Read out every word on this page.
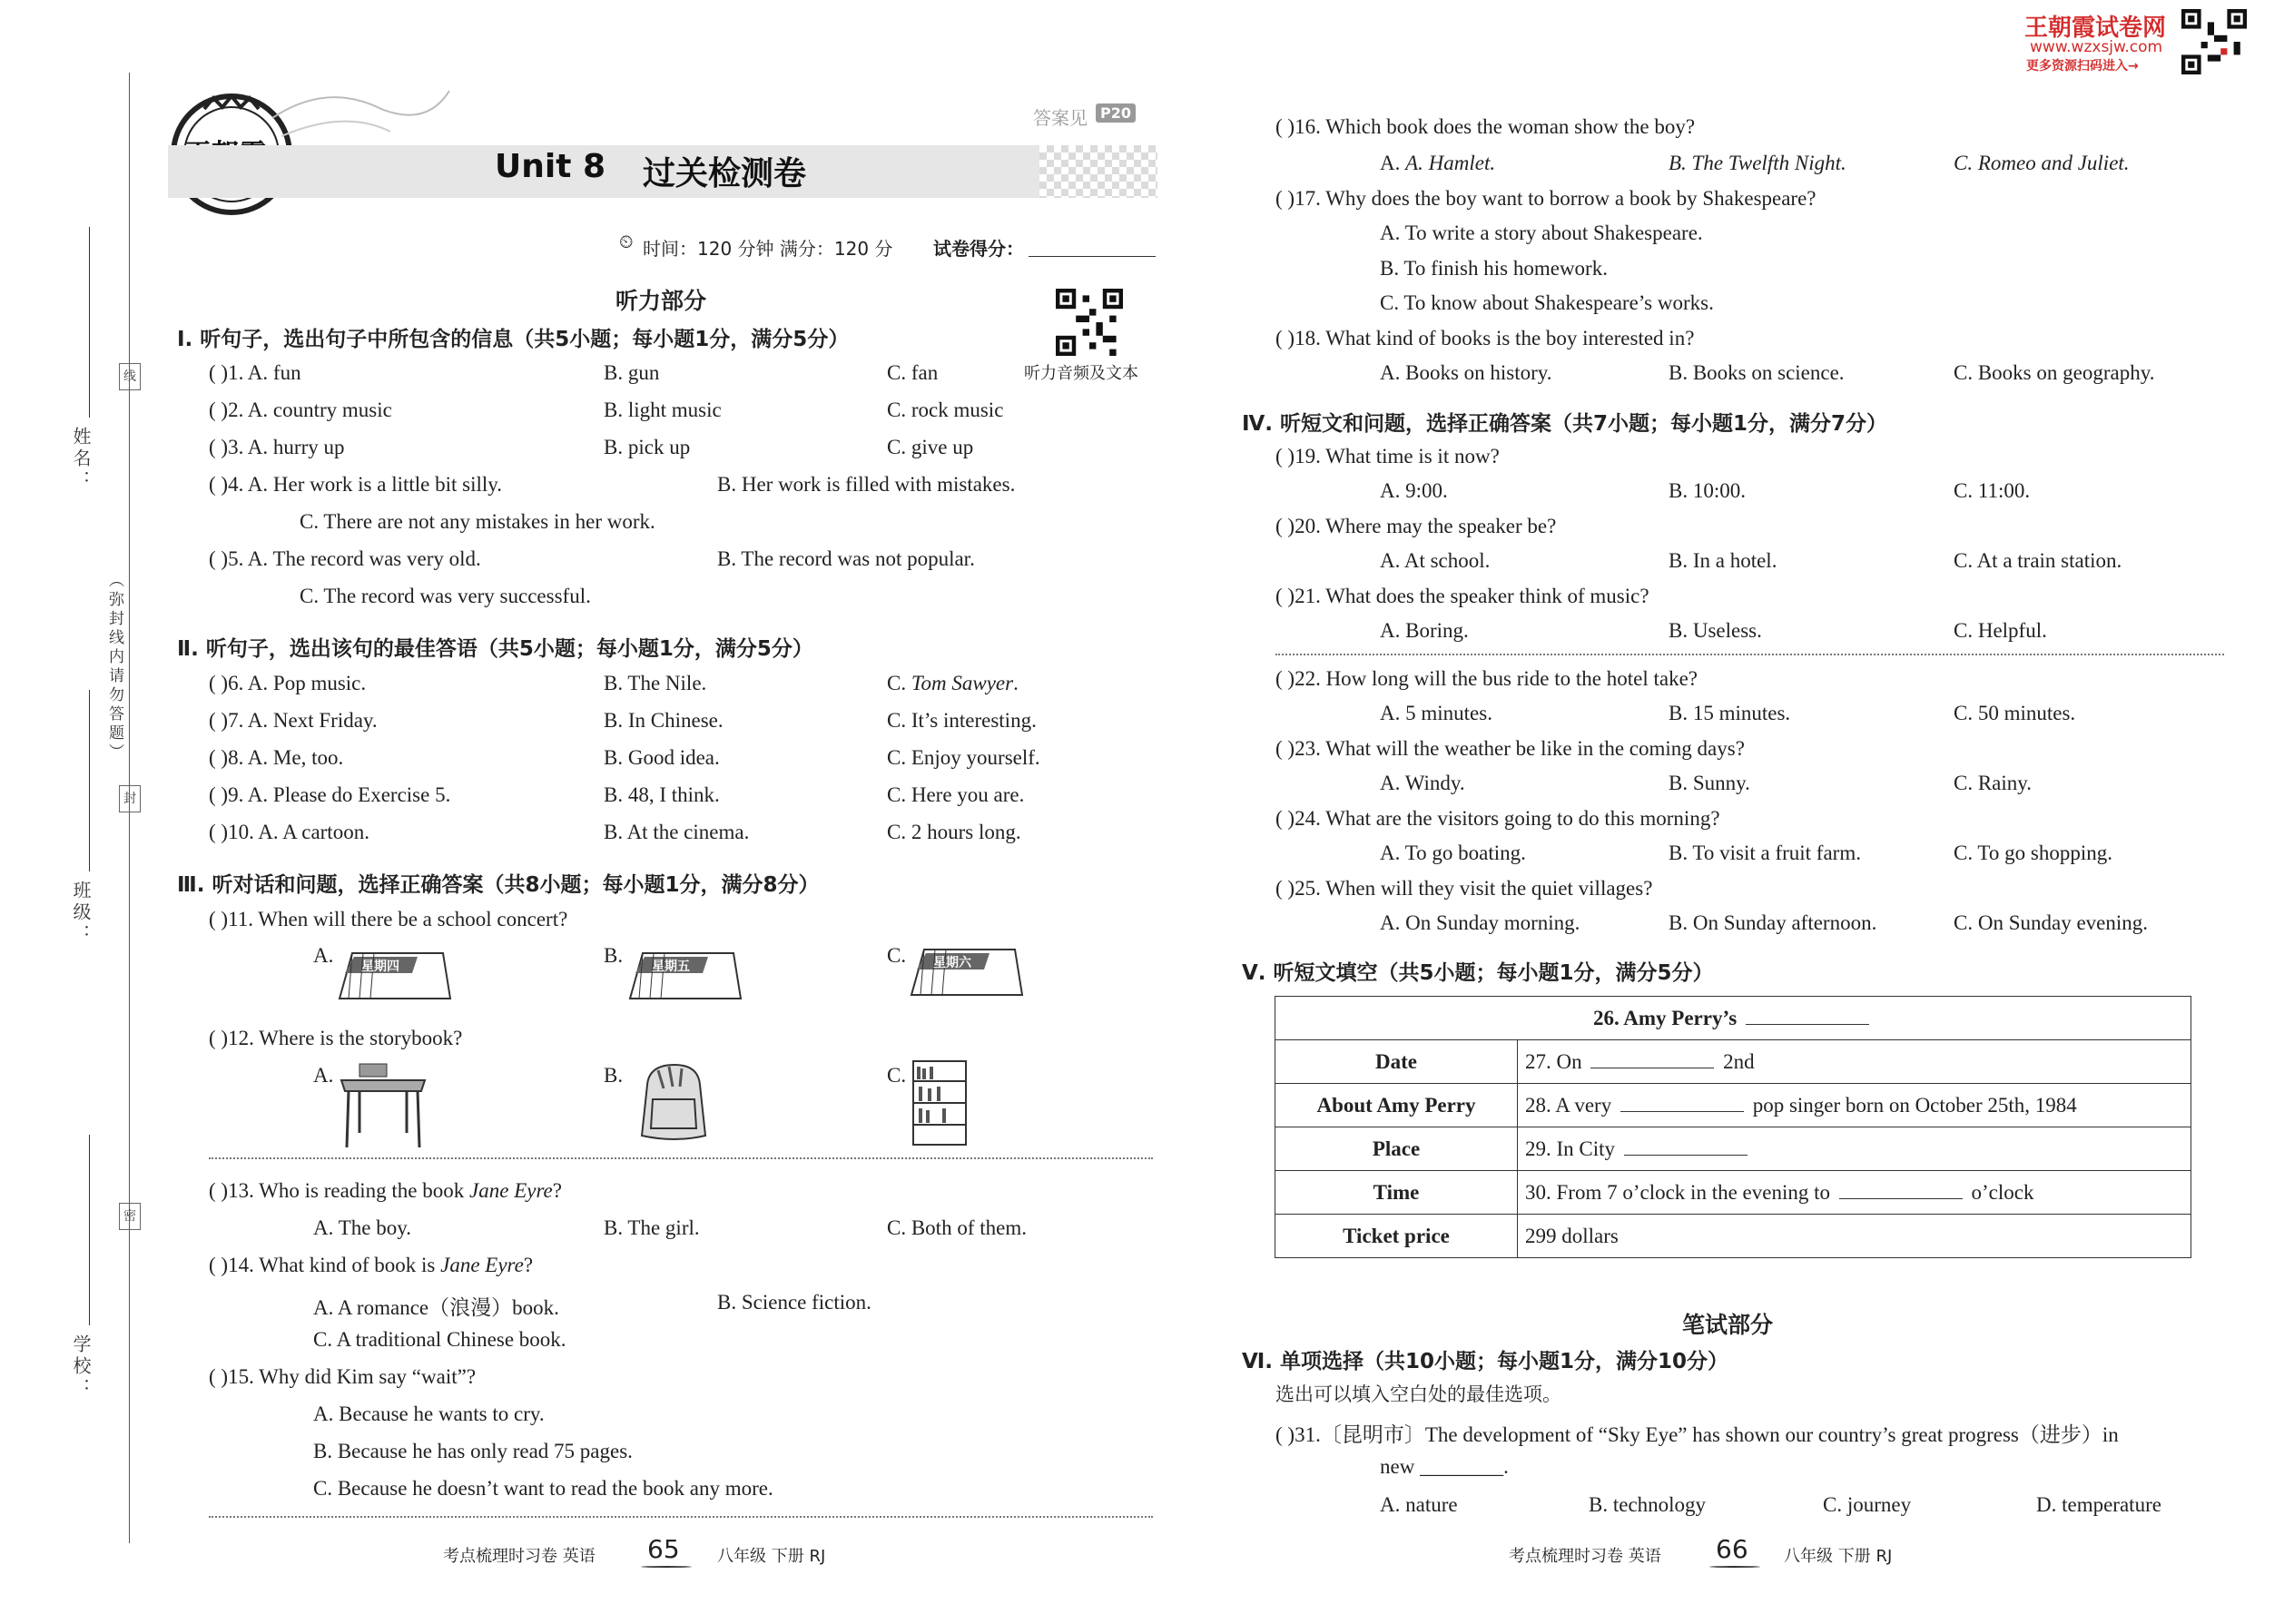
姓名：
班级：
学校：
（弥封线内请勿答题）
线
封
密
Unit 8 过关检测卷
答案见 P20
⏲ 时间：120 分钟 满分：120 分 试卷得分：
听力音频及文本
听力部分
Ⅰ. 听句子，选出句子中所包含的信息（共5小题；每小题1分，满分5分）
( )1. A. fun	B. gun	C. fan
( )2. A. country music	B. light music	C. rock music
( )3. A. hurry up	B. pick up	C. give up
( )4. A. Her work is a little bit silly.	B. Her work is filled with mistakes.
C. There are not any mistakes in her work.
( )5. A. The record was very old.	B. The record was not popular.
C. The record was very successful.
Ⅱ. 听句子，选出该句的最佳答语（共5小题；每小题1分，满分5分）
( )6. A. Pop music.	B. The Nile.	C. Tom Sawyer.
( )7. A. Next Friday.	B. In Chinese.	C. It’s interesting.
( )8. A. Me, too.	B. Good idea.	C. Enjoy yourself.
( )9. A. Please do Exercise 5.	B. 48, I think.	C. Here you are.
( )10. A. A cartoon.	B. At the cinema.	C. 2 hours long.
Ⅲ. 听对话和问题，选择正确答案（共8小题；每小题1分，满分8分）
( )11. When will there be a school concert?
A. 星期四	B. 星期五	C. 星期六
( )12. Where is the storybook?
A.	B.	C.
( )13. Who is reading the book Jane Eyre?
A. The boy.	B. The girl.	C. Both of them.
( )14. What kind of book is Jane Eyre?
A. A romance（浪漫）book.	B. Science fiction.
C. A traditional Chinese book.
( )15. Why did Kim say “wait”?
A. Because he wants to cry.
B. Because he has only read 75 pages.
C. Because he doesn’t want to read the book any more.
考点梳理时习卷 英语 65 八年级 下册 RJ
王朝霞试卷网
www.wzxsjw.com
更多资源扫码进入→
( )16. Which book does the woman show the boy?
A. A. Hamlet.	B. The Twelfth Night.	C. Romeo and Juliet.
( )17. Why does the boy want to borrow a book by Shakespeare?
A. To write a story about Shakespeare.
B. To finish his homework.
C. To know about Shakespeare’s works.
( )18. What kind of books is the boy interested in?
A. Books on history.	B. Books on science.	C. Books on geography.
Ⅳ. 听短文和问题，选择正确答案（共7小题；每小题1分，满分7分）
( )19. What time is it now?
A. 9:00.	B. 10:00.	C. 11:00.
( )20. Where may the speaker be?
A. At school.	B. In a hotel.	C. At a train station.
( )21. What does the speaker think of music?
A. Boring.	B. Useless.	C. Helpful.
( )22. How long will the bus ride to the hotel take?
A. 5 minutes.	B. 15 minutes.	C. 50 minutes.
( )23. What will the weather be like in the coming days?
A. Windy.	B. Sunny.	C. Rainy.
( )24. What are the visitors going to do this morning?
A. To go boating.	B. To visit a fruit farm.	C. To go shopping.
( )25. When will they visit the quiet villages?
A. On Sunday morning.	B. On Sunday afternoon.	C. On Sunday evening.
Ⅴ. 听短文填空（共5小题；每小题1分，满分5分）
26. Amy Perry’s	
Date	27. On 2nd
About Amy Perry	28. A very pop singer born on October 25th, 1984
Place	29. In City
Time	30. From 7 o’clock in the evening to o’clock
Ticket price	299 dollars
笔试部分
Ⅵ. 单项选择（共10小题；每小题1分，满分10分）
选出可以填入空白处的最佳选项。
( )31.〔昆明市〕The development of “Sky Eye” has shown our country’s great progress（进步）in
new ________.
A. nature	B. technology	C. journey	D. temperature
考点梳理时习卷 英语 66 八年级 下册 RJ
